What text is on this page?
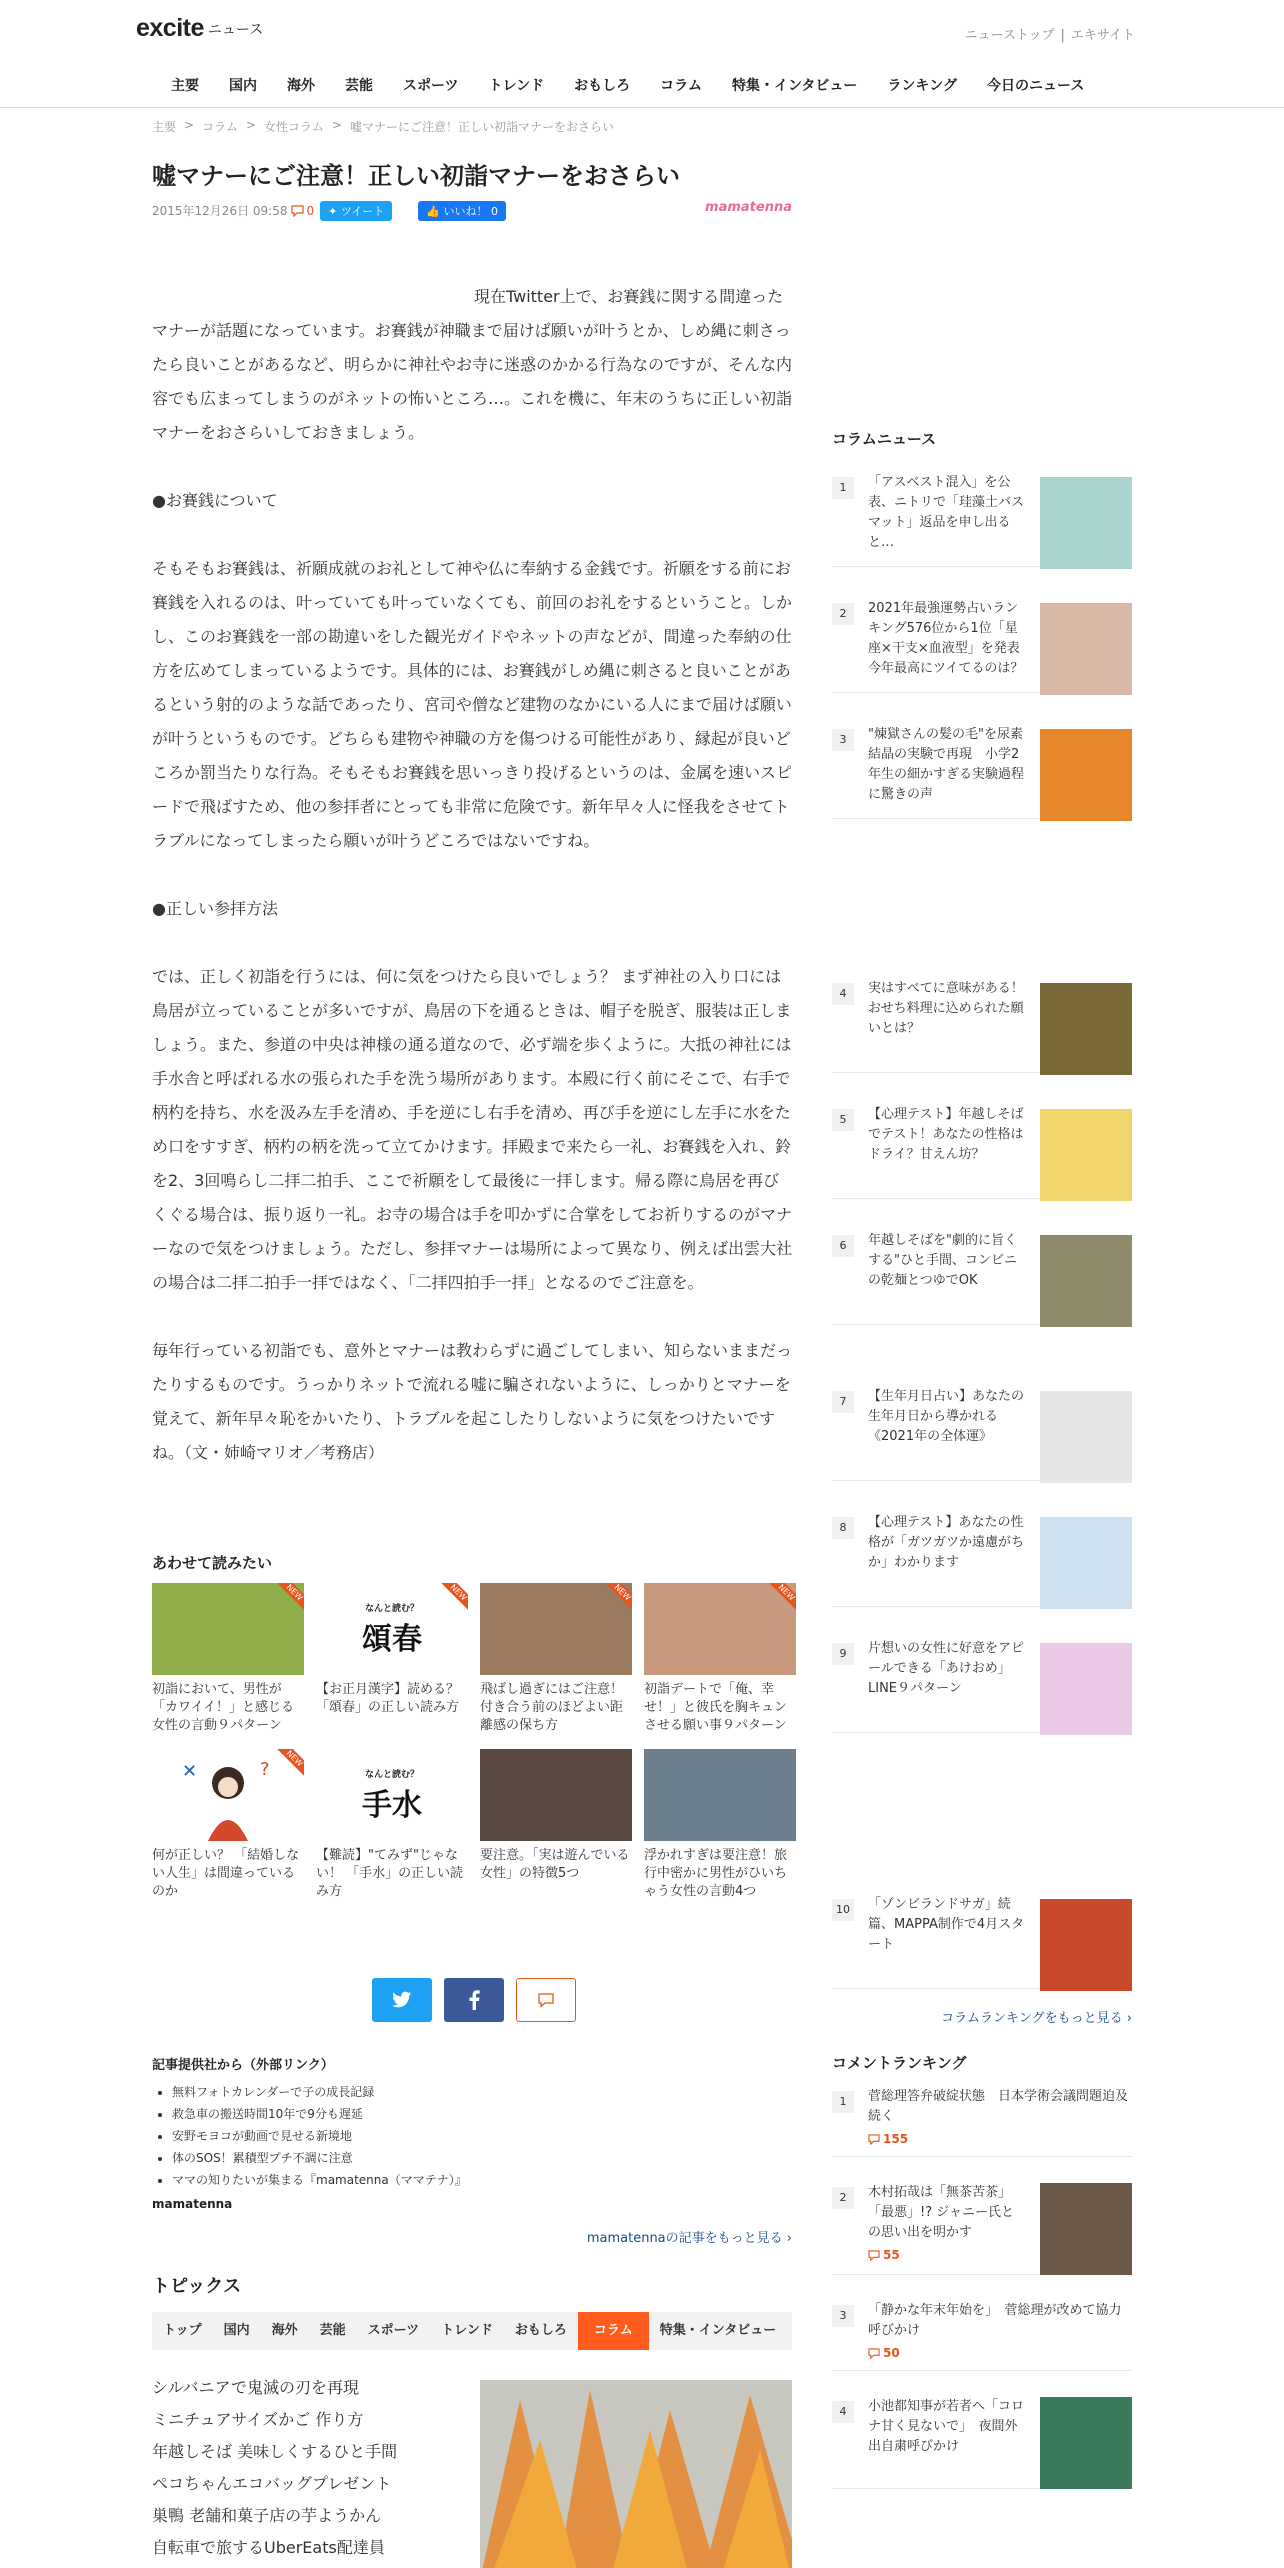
excite ニュース	ニューストップ | エキサイト
主要	国内	海外	芸能	スポーツ	トレンド	おもしろ	コラム	特集・インタビュー	ランキング	今日のニュース
主要 > コラム > 女性コラム > 嘘マナーにご注意！正しい初詣マナーをおさらい
嘘マナーにご注意！正しい初詣マナーをおさらい
2015年12月26日 09:58 0	✦ ツイート	👍 いいね！ 0	mamatenna

現在Twitter上で、お賽銭に関する間違ったマナーが話題になっています。お賽銭が神職まで届けば願いが叶うとか、しめ縄に刺さったら良いことがあるなど、明らかに神社やお寺に迷惑のかかる行為なのですが、そんな内容でも広まってしまうのがネットの怖いところ…。これを機に、年末のうちに正しい初詣マナーをおさらいしておきましょう。

●お賽銭について

そもそもお賽銭は、祈願成就のお礼として神や仏に奉納する金銭です。祈願をする前にお賽銭を入れるのは、叶っていても叶っていなくても、前回のお礼をするということ。しかし、このお賽銭を一部の勘違いをした観光ガイドやネットの声などが、間違った奉納の仕方を広めてしまっているようです。具体的には、お賽銭がしめ縄に刺さると良いことがあるという射的のような話であったり、宮司や僧など建物のなかにいる人にまで届けば願いが叶うというものです。どちらも建物や神職の方を傷つける可能性があり、縁起が良いどころか罰当たりな行為。そもそもお賽銭を思いっきり投げるというのは、金属を速いスピードで飛ばすため、他の参拝者にとっても非常に危険です。新年早々人に怪我をさせてトラブルになってしまったら願いが叶うどころではないですね。

●正しい参拝方法

では、正しく初詣を行うには、何に気をつけたら良いでしょう？ まず神社の入り口には鳥居が立っていることが多いですが、鳥居の下を通るときは、帽子を脱ぎ、服装は正しましょう。また、参道の中央は神様の通る道なので、必ず端を歩くように。大抵の神社には手水舎と呼ばれる水の張られた手を洗う場所があります。本殿に行く前にそこで、右手で柄杓を持ち、水を汲み左手を清め、手を逆にし右手を清め、再び手を逆にし左手に水をため口をすすぎ、柄杓の柄を洗って立てかけます。拝殿まで来たら一礼、お賽銭を入れ、鈴を2、3回鳴らし二拝二拍手、ここで祈願をして最後に一拝します。帰る際に鳥居を再びくぐる場合は、振り返り一礼。お寺の場合は手を叩かずに合掌をしてお祈りするのがマナーなので気をつけましょう。ただし、参拝マナーは場所によって異なり、例えば出雲大社の場合は二拝二拍手一拝ではなく、「二拝四拍手一拝」となるのでご注意を。

毎年行っている初詣でも、意外とマナーは教わらずに過ごしてしまい、知らないままだったりするものです。うっかりネットで流れる嘘に騙されないように、しっかりとマナーを覚えて、新年早々恥をかいたり、トラブルを起こしたりしないように気をつけたいですね。（文・姉崎マリオ／考務店）

あわせて読みたい
NEW
初詣において、男性が「カワイイ！」と感じる女性の言動９パターン
なんと読む？
頌春
NEW
【お正月漢字】読める？ 「頌春」の正しい読み方
NEW
飛ばし過ぎにはご注意！付き合う前のほどよい距離感の保ち方
NEW
初詣デートで「俺、幸せ！」と彼氏を胸キュンさせる願い事９パターン
✕	?
NEW
何が正しい？ 「結婚しない人生」は間違っているのか
なんと読む？
手水
【難読】"てみず"じゃない！ 「手水」の正しい読み方
要注意。「実は遊んでいる女性」の特徴5つ
浮かれすぎは要注意！旅行中密かに男性がひいちゃう女性の言動4つ
記事提供社から（外部リンク）
• 無料フォトカレンダーで子の成長記録
• 救急車の搬送時間10年で9分も遅延
• 安野モヨコが動画で見せる新境地
• 体のSOS！累積型プチ不調に注意
• ママの知りたいが集まる『mamatenna（ママテナ）』
mamatenna
mamatennaの記事をもっと見る ›
トピックス
トップ	国内	海外	芸能	スポーツ	トレンド	おもしろ	コラム	特集・インタビュー
シルバニアで鬼滅の刃を再現
ミニチュアサイズかご 作り方
年越しそば 美味しくするひと手間
ペコちゃんエコバッグプレゼント
巣鴨 老舗和菓子店の芋ようかん
自転車で旅するUberEats配達員
コラムニュース
1	「アスベスト混入」を公表、ニトリで「珪藻土バスマット」返品を申し出ると…
2	2021年最強運勢占いランキング576位から1位「星座×干支×血液型」を発表　今年最高にツイてるのは？
3	"煉獄さんの髪の毛"を尿素結晶の実験で再現　小学2年生の細かすぎる実験過程に驚きの声
4	実はすべてに意味がある！おせち料理に込められた願いとは？
5	【心理テスト】年越しそばでテスト！あなたの性格はドライ？甘えん坊？
6	年越しそばを"劇的に旨くする"ひと手間、コンビニの乾麺とつゆでOK
7	【生年月日占い】あなたの生年月日から導かれる《2021年の全体運》
8	【心理テスト】あなたの性格が「ガツガツか遠慮がちか」わかります
9	片想いの女性に好意をアピールできる「あけおめ」LINE９パターン
10	「ゾンビランドサガ」続篇、MAPPA制作で4月スタート
コラムランキングをもっと見る ›
コメントランキング
1	菅総理答弁破綻状態　日本学術会議問題迫及続く
155
2	木村拓哉は「無茶苦茶」「最悪」!? ジャニー氏との思い出を明かす
55
3	「静かな年末年始を」　菅総理が改めて協力呼びかけ
50
4	小池都知事が若者へ「コロナ甘く見ないで」　夜間外出自粛呼びかけ
